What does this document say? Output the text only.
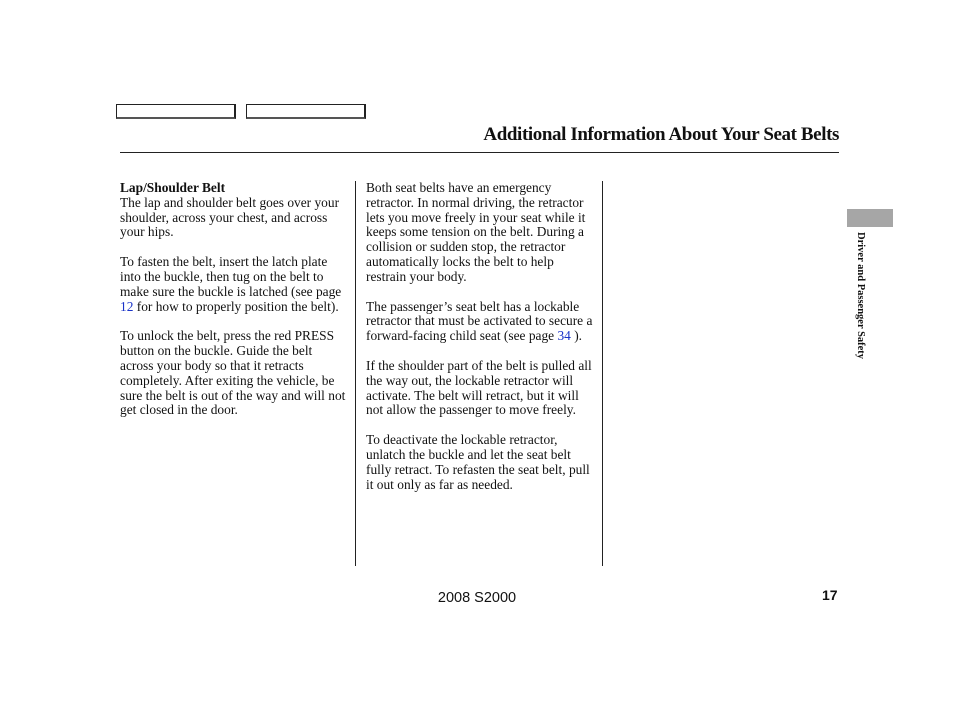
Additional Information About Your Seat Belts
Lap/Shoulder Belt

The lap and shoulder belt goes over your shoulder, across your chest, and across your hips.

To fasten the belt, insert the latch plate into the buckle, then tug on the belt to make sure the buckle is latched (see page 12 for how to properly position the belt).

To unlock the belt, press the red PRESS button on the buckle. Guide the belt across your body so that it retracts completely. After exiting the vehicle, be sure the belt is out of the way and will not get closed in the door.

Both seat belts have an emergency retractor. In normal driving, the retractor lets you move freely in your seat while it keeps some tension on the belt. During a collision or sudden stop, the retractor automatically locks the belt to help restrain your body.

The passenger’s seat belt has a lockable retractor that must be activated to secure a forward-facing child seat (see page 34 ).

If the shoulder part of the belt is pulled all the way out, the lockable retractor will activate. The belt will retract, but it will not allow the passenger to move freely.

To deactivate the lockable retractor, unlatch the buckle and let the seat belt fully retract. To refasten the seat belt, pull it out only as far as needed.

Driver and Passenger Safety
2008 S2000	17
